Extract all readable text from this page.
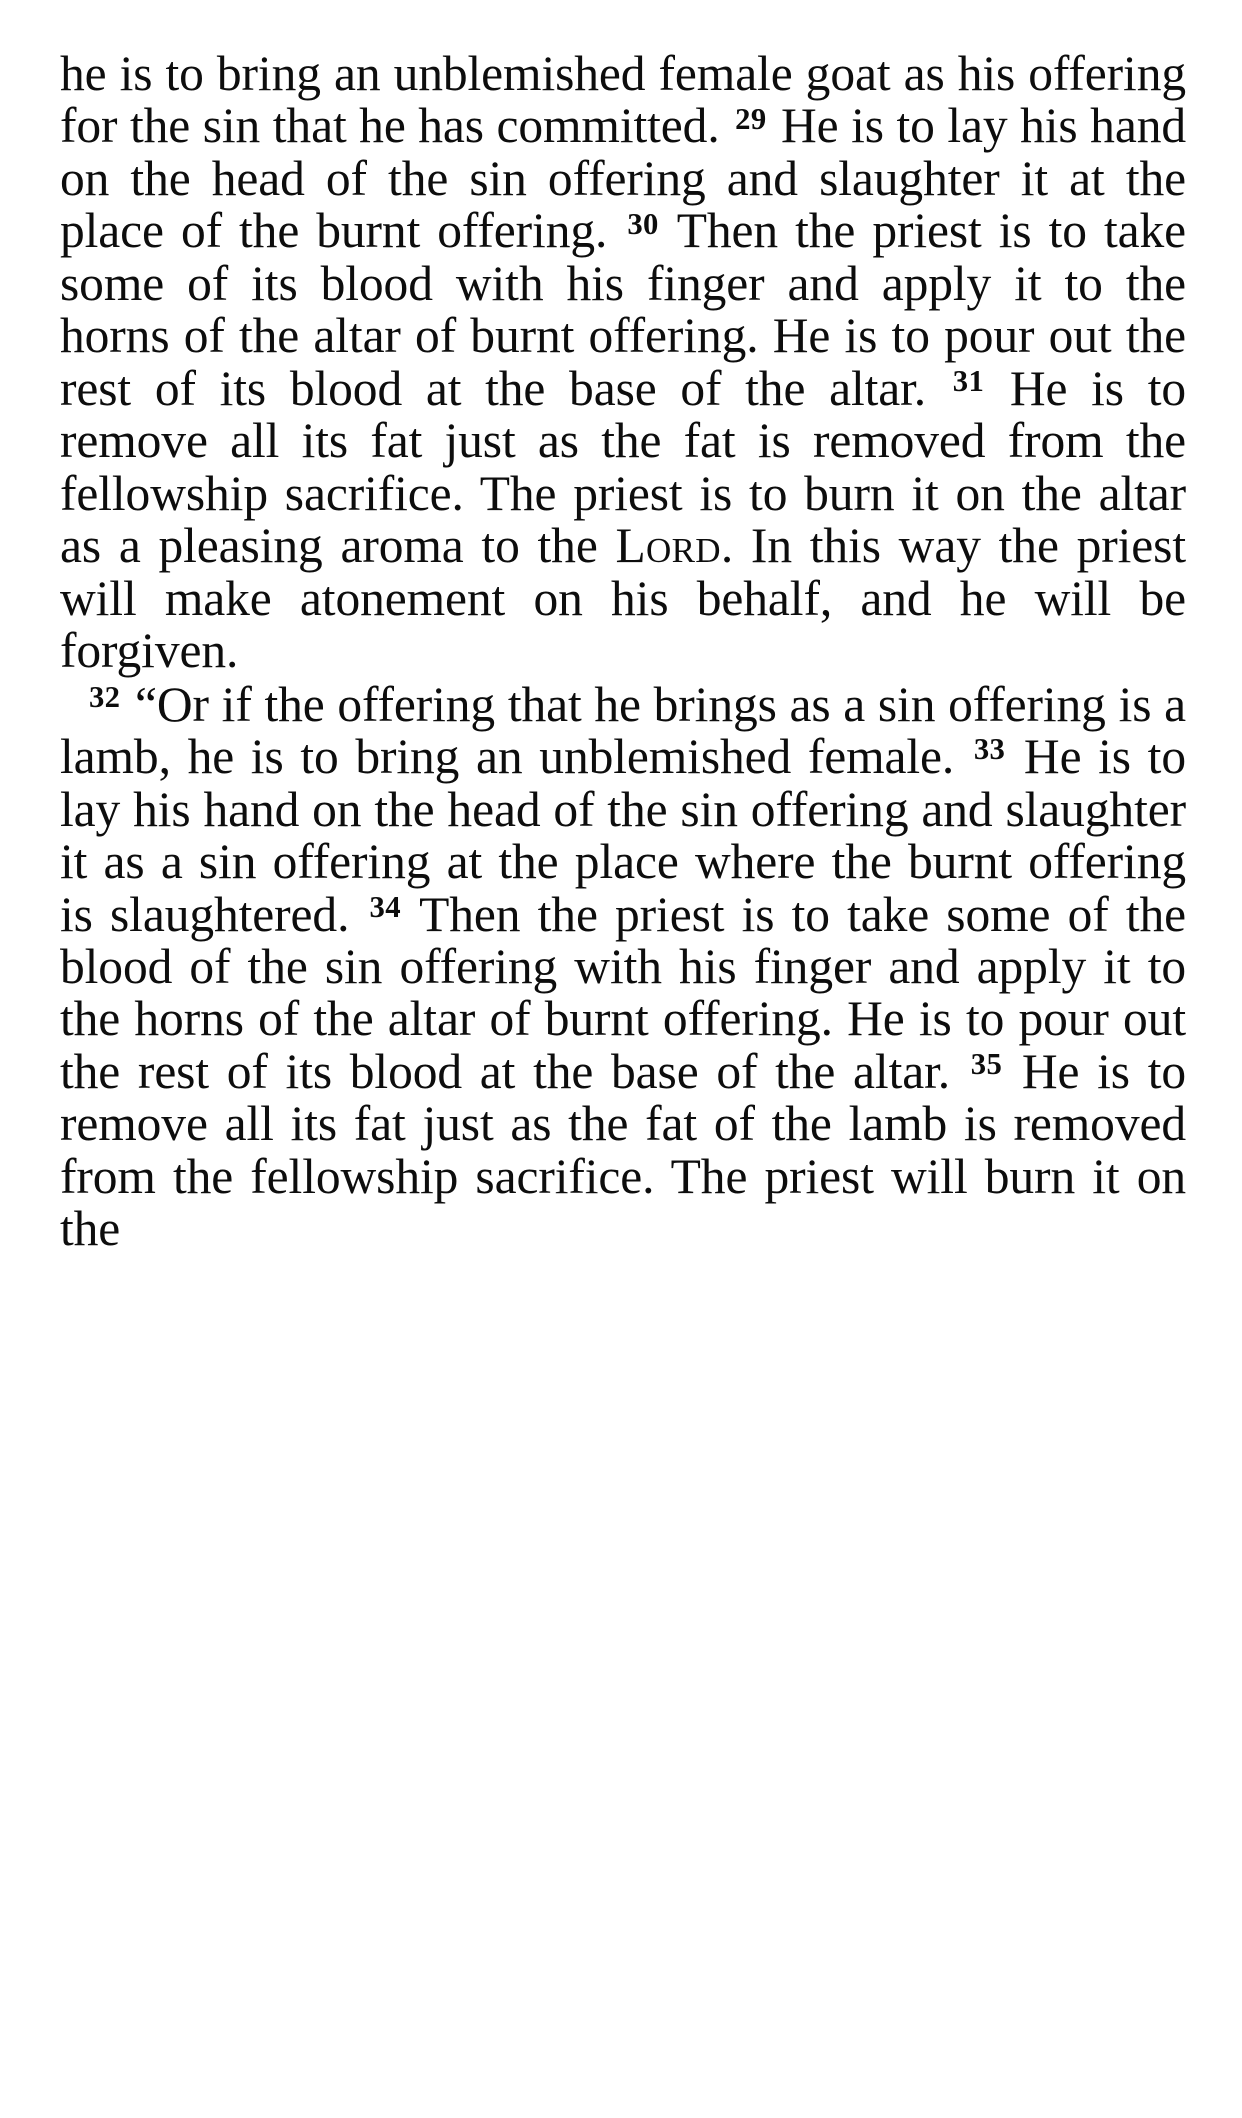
he is to bring an unblemished female goat as his offering for the sin that he has committed. $^{29}$ He is to lay his hand on the head of the sin offering and slaughter it at the place of the burnt offering. $^{30}$ Then the priest is to take some of its blood with his finger and apply it to the horns of the altar of burnt offering. He is to pour out the rest of its blood at the base of the altar. $^{31}$ He is to remove all its fat just as the fat is removed from the fellowship sacrifice. The priest is to burn it on the altar as a pleasing aroma to the Lord. In this way the priest will make atonement on his behalf, and he will be forgiven.

$^{32}$ “Or if the offering that he brings as a sin offering is a lamb, he is to bring an unblemished female. $^{33}$ He is to lay his hand on the head of the sin offering and slaughter it as a sin offering at the place where the burnt offering is slaughtered. $^{34}$ Then the priest is to take some of the blood of the sin offering with his finger and apply it to the horns of the altar of burnt offering. He is to pour out the rest of its blood at the base of the altar. $^{35}$ He is to remove all its fat just as the fat of the lamb is removed from the fellowship sacrifice. The priest will burn it on the
